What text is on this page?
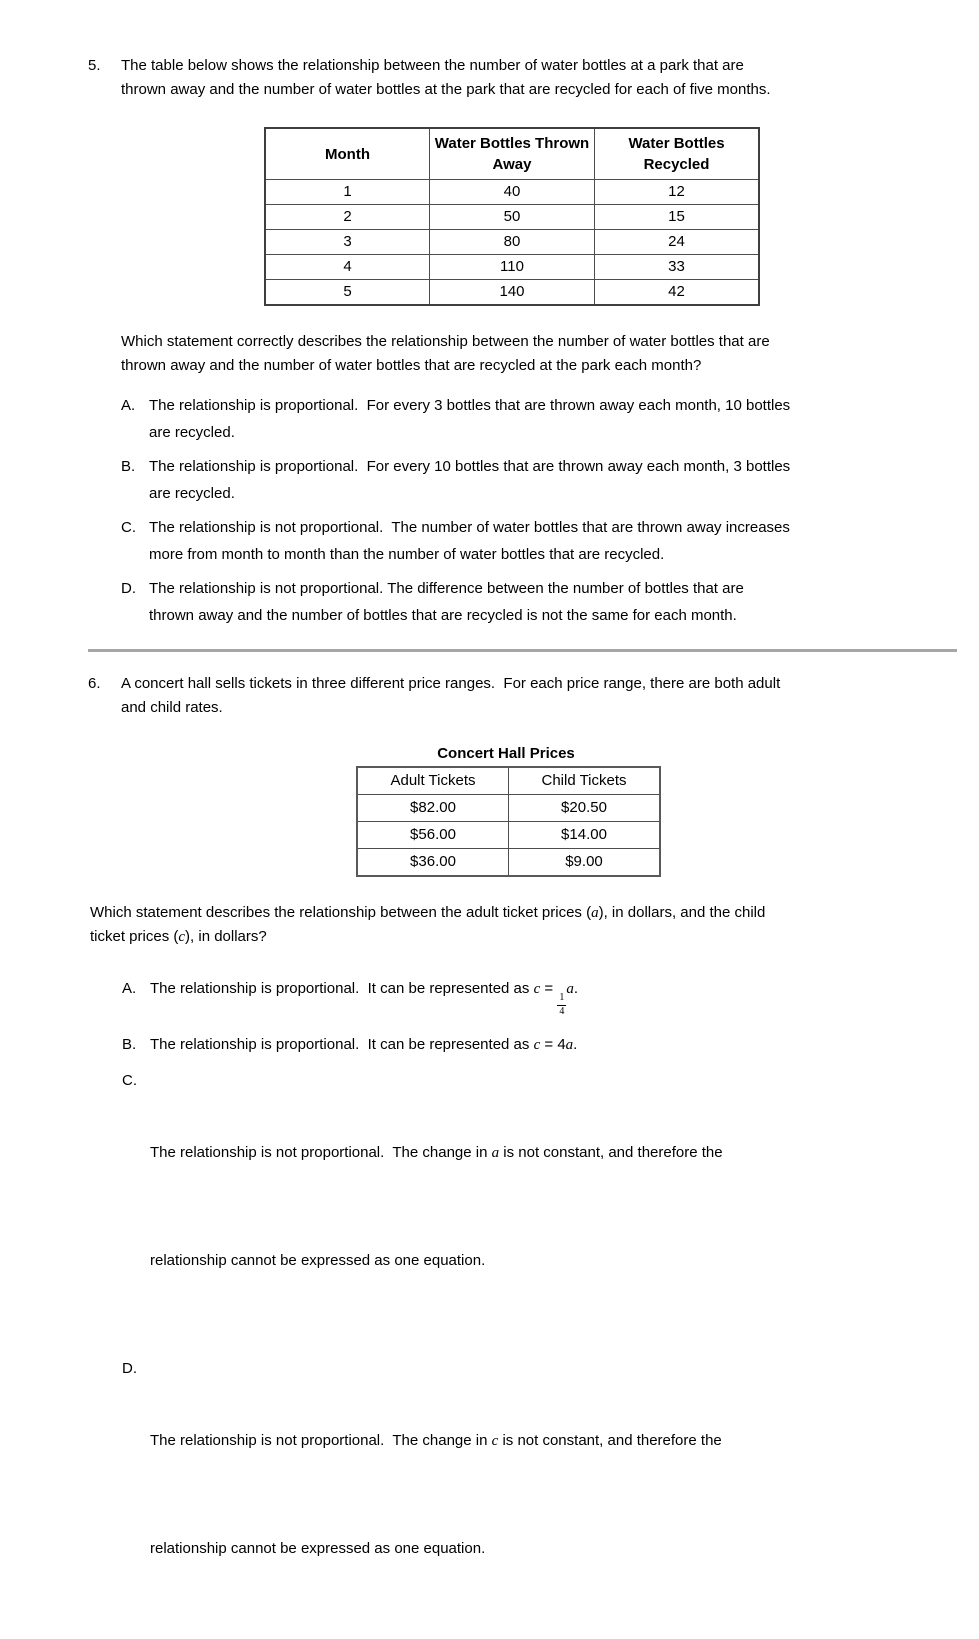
5.	The table below shows the relationship between the number of water bottles at a park that are
thrown away and the number of water bottles at the park that are recycled for each of five months.
Month	Water Bottles Thrown Away	Water Bottles Recycled
1	40	12
2	50	15
3	80	24
4	110	33
5	140	42
Which statement correctly describes the relationship between the number of water bottles that are
thrown away and the number of water bottles that are recycled at the park each month?
A. The relationship is proportional.  For every 3 bottles that are thrown away each month, 10 bottles
are recycled.
B. The relationship is proportional.  For every 10 bottles that are thrown away each month, 3 bottles
are recycled.
C. The relationship is not proportional.  The number of water bottles that are thrown away increases
more from month to month than the number of water bottles that are recycled.
D. The relationship is not proportional. The difference between the number of bottles that are
thrown away and the number of bottles that are recycled is not the same for each month.
6.	A concert hall sells tickets in three different price ranges.  For each price range, there are both adult
and child rates.
Concert Hall Prices
Adult Tickets	Child Tickets
$82.00	$20.50
$56.00	$14.00
$36.00	$9.00
Which statement describes the relationship between the adult ticket prices (a), in dollars, and the child
ticket prices (c), in dollars?
A. The relationship is proportional.  It can be represented as c =
$\frac{1}{4}$
a.
B. The relationship is proportional.  It can be represented as c = 4a.
C.

The relationship is not proportional.  The change in a is not constant, and therefore the

relationship cannot be expressed as one equation.

D.

The relationship is not proportional.  The change in c is not constant, and therefore the

relationship cannot be expressed as one equation.
